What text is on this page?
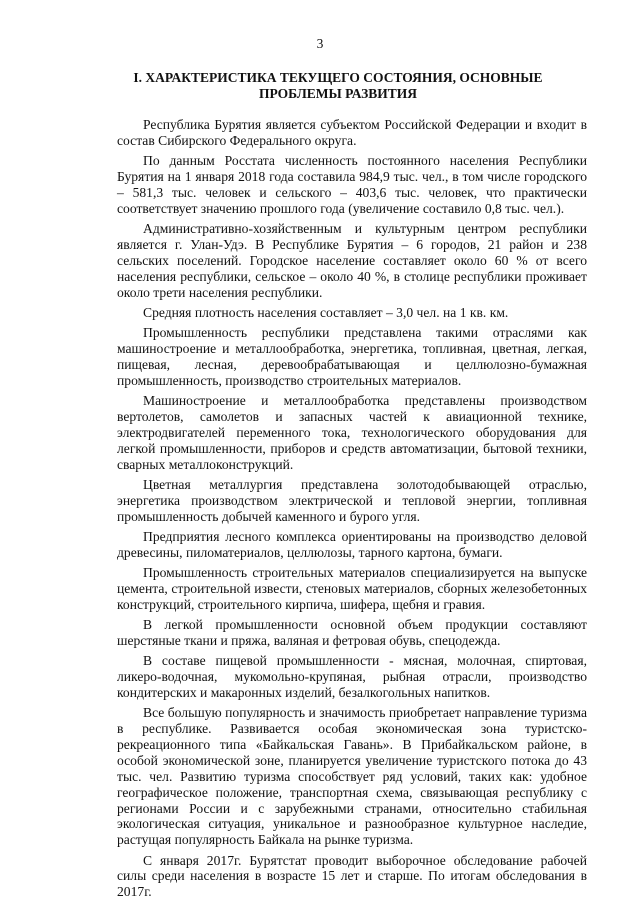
3
I. ХАРАКТЕРИСТИКА ТЕКУЩЕГО СОСТОЯНИЯ, ОСНОВНЫЕ ПРОБЛЕМЫ РАЗВИТИЯ

Республика Бурятия является субъектом Российской Федерации и входит в состав Сибирского Федерального округа.

По данным Росстата численность постоянного населения Республики Бурятия на 1 января 2018 года составила 984,9 тыс. чел., в том числе городского – 581,3 тыс. человек и сельского – 403,6 тыс. человек, что практически соответствует значению прошлого года (увеличение составило 0,8 тыс. чел.).

Административно-хозяйственным и культурным центром республики является г. Улан-Удэ. В Республике Бурятия – 6 городов, 21 район и 238 сельских поселений. Городское население составляет около 60 % от всего населения республики, сельское – около 40 %, в столице республики проживает около трети населения республики.

Средняя плотность населения составляет – 3,0 чел. на 1 кв. км.

Промышленность республики представлена такими отраслями как машиностроение и металлообработка, энергетика, топливная, цветная, легкая, пищевая, лесная, деревообрабатывающая и целлюлозно-бумажная промышленность, производство строительных материалов.

Машиностроение и металлообработка представлены производством вертолетов, самолетов и запасных частей к авиационной технике, электродвигателей переменного тока, технологического оборудования для легкой промышленности, приборов и средств автоматизации, бытовой техники, сварных металлоконструкций.

Цветная металлургия представлена золотодобывающей отраслью, энергетика производством электрической и тепловой энергии, топливная промышленность добычей каменного и бурого угля.

Предприятия лесного комплекса ориентированы на производство деловой древесины, пиломатериалов, целлюлозы, тарного картона, бумаги.

Промышленность строительных материалов специализируется на выпуске цемента, строительной извести, стеновых материалов, сборных железобетонных конструкций, строительного кирпича, шифера, щебня и гравия.

В легкой промышленности основной объем продукции составляют шерстяные ткани и пряжа, валяная и фетровая обувь, спецодежда.

В составе пищевой промышленности - мясная, молочная, спиртовая, ликеро-водочная, мукомольно-крупяная, рыбная отрасли, производство кондитерских и макаронных изделий, безалкогольных напитков.

Все большую популярность и значимость приобретает направление туризма в республике. Развивается особая экономическая зона туристско-рекреационного типа «Байкальская Гавань». В Прибайкальском районе, в особой экономической зоне, планируется увеличение туристского потока до 43 тыс. чел. Развитию туризма способствует ряд условий, таких как: удобное географическое положение, транспортная схема, связывающая республику с регионами России и с зарубежными странами, относительно стабильная экологическая ситуация, уникальное и разнообразное культурное наследие, растущая популярность Байкала на рынке туризма.

С января 2017г. Бурятстат проводит выборочное обследование рабочей силы среди населения в возрасте 15 лет и старше. По итогам обследования в 2017г.
